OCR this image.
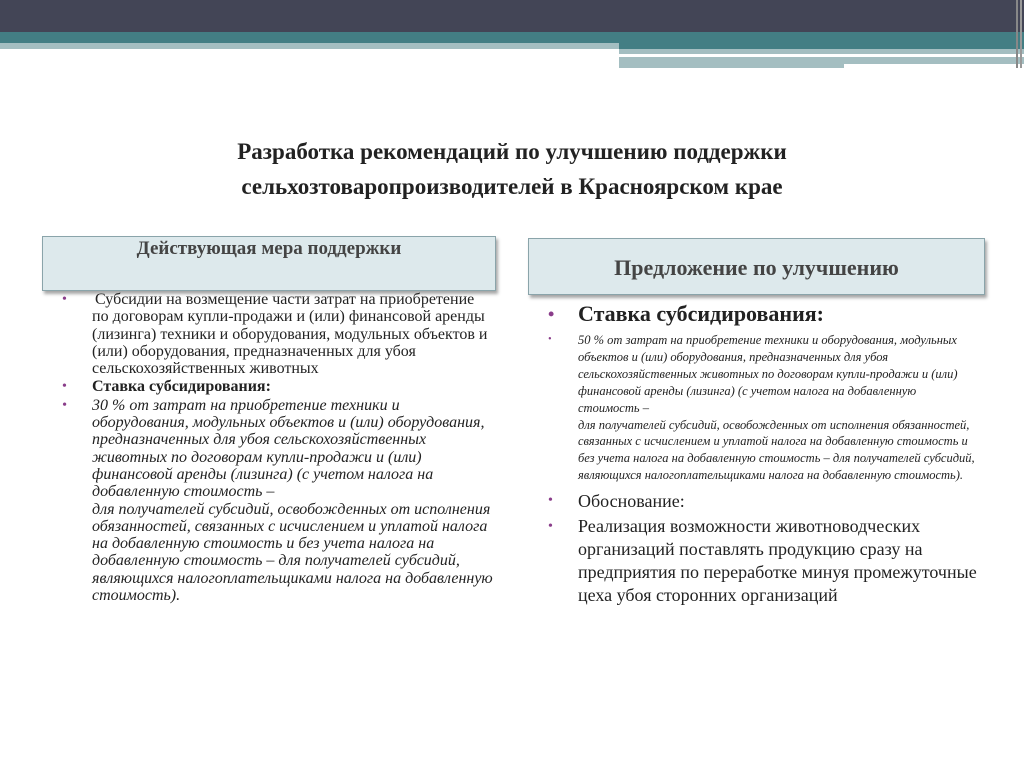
Разработка рекомендаций по улучшению поддержки
сельхозтоваропроизводителей в Красноярском крае
Действующая мера поддержки
Предложение по улучшению
• Субсидии на возмещение части затрат на приобретение по договорам купли-продажи и (или) финансовой аренды (лизинга) техники и оборудования, модульных объектов и (или) оборудования, предназначенных для убоя сельскохозяйственных животных
• Ставка субсидирования:
• 30 % от затрат на приобретение техники и оборудования, модульных объектов и (или) оборудования, предназначенных для убоя сельскохозяйственных животных по договорам купли-продажи и (или) финансовой аренды (лизинга) (с учетом налога на добавленную стоимость –
для получателей субсидий, освобожденных от исполнения обязанностей, связанных с исчислением и уплатой налога на добавленную стоимость и без учета налога на добавленную стоимость – для получателей субсидий, являющихся налогоплательщиками налога на добавленную стоимость).
• Ставка субсидирования:
• 50 % от затрат на приобретение техники и оборудования, модульных объектов и (или) оборудования, предназначенных для убоя сельскохозяйственных животных по договорам купли-продажи и (или) финансовой аренды (лизинга) (с учетом налога на добавленную стоимость –
для получателей субсидий, освобожденных от исполнения обязанностей, связанных с исчислением и уплатой налога на добавленную стоимость и без учета налога на добавленную стоимость – для получателей субсидий, являющихся налогоплательщиками налога на добавленную стоимость).
• Обоснование:
• Реализация возможности животноводческих организаций поставлять продукцию сразу на предприятия по переработке минуя промежуточные цеха убоя сторонних организаций
